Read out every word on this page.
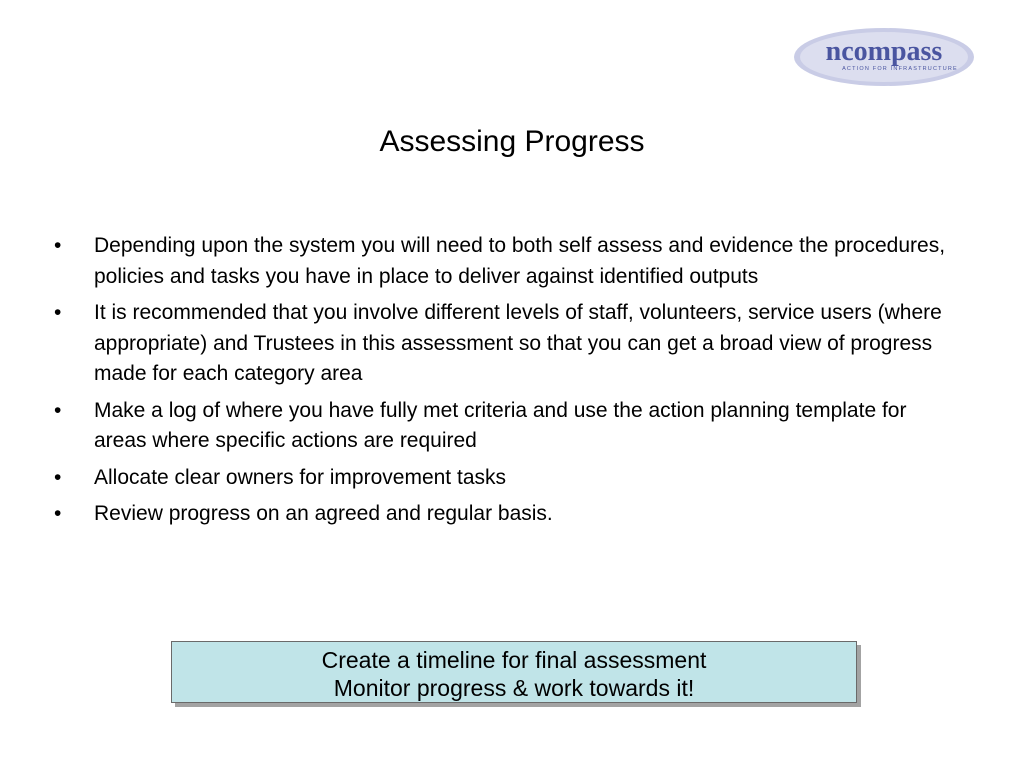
ncompass
ACTION FOR INFRASTRUCTURE
Assessing Progress
• Depending upon the system you will need to both self assess and evidence the procedures, policies and tasks you have in place to deliver against identified outputs
• It is recommended that you involve different levels of staff, volunteers, service users (where appropriate) and Trustees in this assessment so that you can get a broad view of progress made for each category area
• Make a log of where you have fully met criteria and use the action planning template for areas where specific actions are required
• Allocate clear owners for improvement tasks
• Review progress on an agreed and regular basis.
Create a timeline for final assessment
Monitor progress & work towards it!
